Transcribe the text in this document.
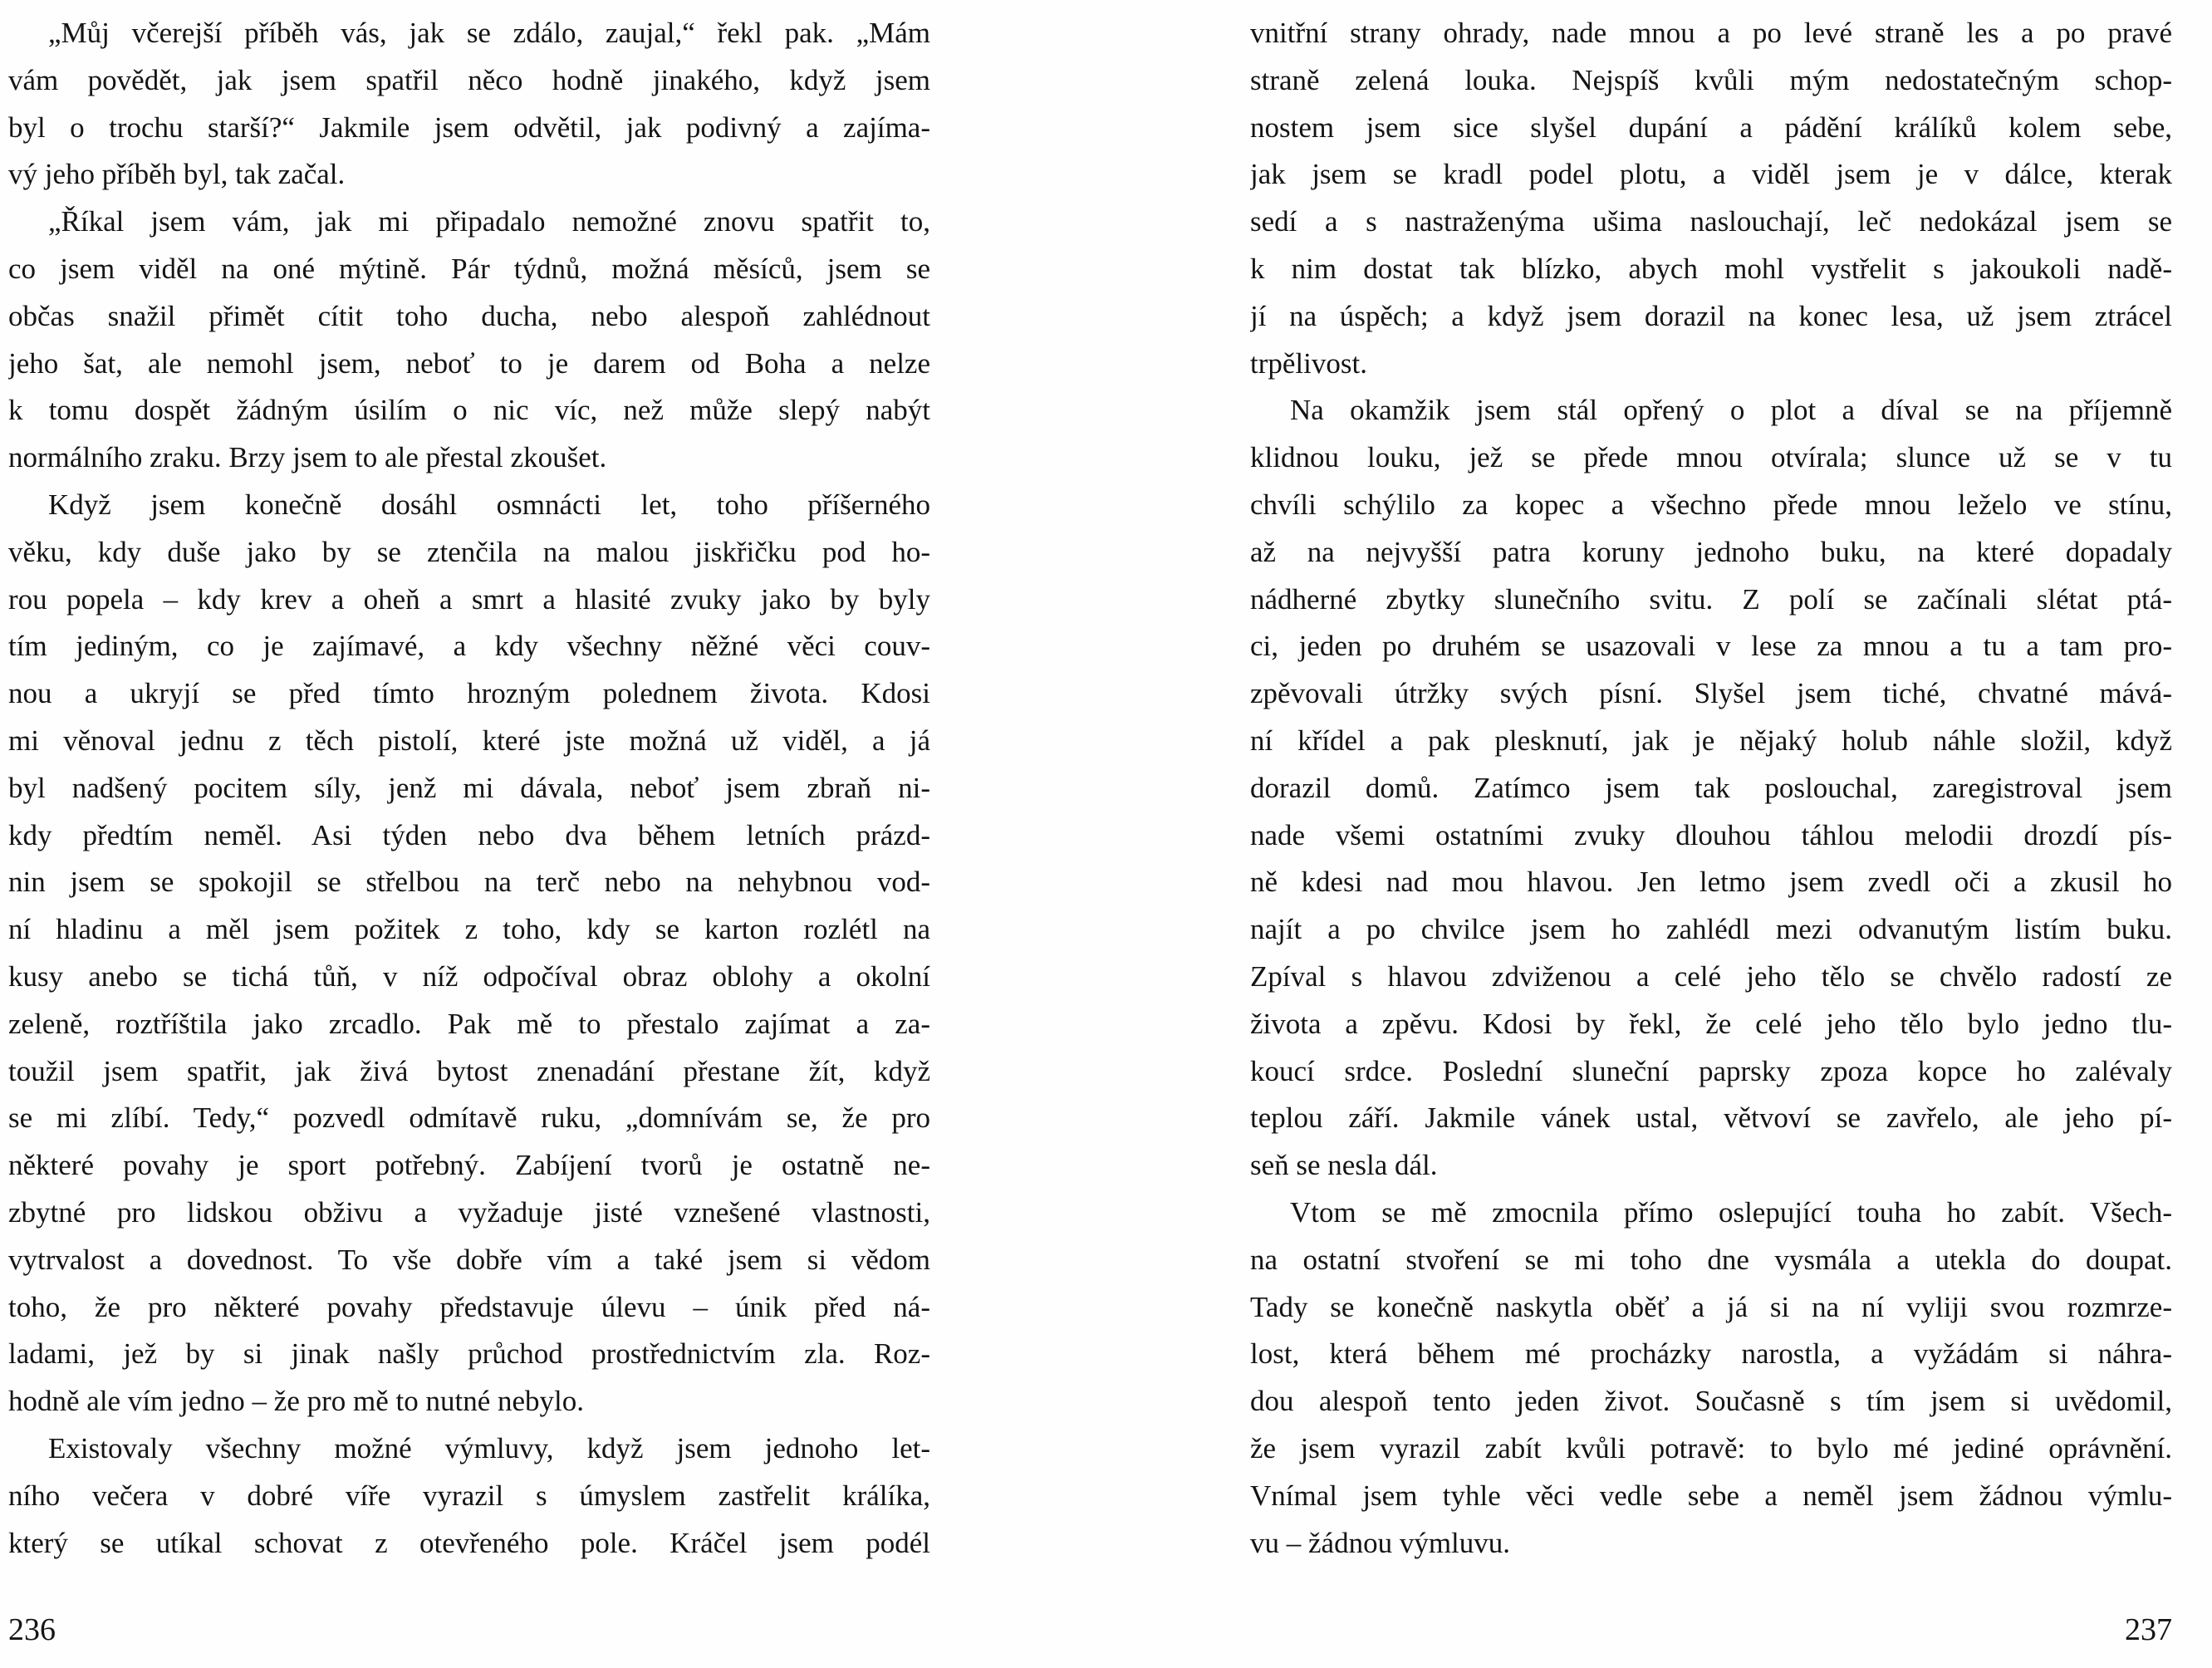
„Můj včerejší příběh vás, jak se zdálo, zaujal,“ řekl pak. „Mám
vám povědět, jak jsem spatřil něco hodně jinakého, když jsem
byl o trochu starší?“ Jakmile jsem odvětil, jak podivný a zajíma-
vý jeho příběh byl, tak začal.
„Říkal jsem vám, jak mi připadalo nemožné znovu spatřit to,
co jsem viděl na oné mýtině. Pár týdnů, možná měsíců, jsem se
občas snažil přimět cítit toho ducha, nebo alespoň zahlédnout
jeho šat, ale nemohl jsem, neboť to je darem od Boha a nelze
k tomu dospět žádným úsilím o nic víc, než může slepý nabýt
normálního zraku. Brzy jsem to ale přestal zkoušet.
Když jsem konečně dosáhl osmnácti let, toho příšerného
věku, kdy duše jako by se ztenčila na malou jiskřičku pod ho-
rou popela – kdy krev a oheň a smrt a hlasité zvuky jako by byly
tím jediným, co je zajímavé, a kdy všechny něžné věci couv-
nou a ukryjí se před tímto hrozným polednem života. Kdosi
mi věnoval jednu z těch pistolí, které jste možná už viděl, a já
byl nadšený pocitem síly, jenž mi dávala, neboť jsem zbraň ni-
kdy předtím neměl. Asi týden nebo dva během letních prázd-
nin jsem se spokojil se střelbou na terč nebo na nehybnou vod-
ní hladinu a měl jsem požitek z toho, kdy se karton rozlétl na
kusy anebo se tichá tůň, v níž odpočíval obraz oblohy a okolní
zeleně, roztříštila jako zrcadlo. Pak mě to přestalo zajímat a za-
toužil jsem spatřit, jak živá bytost znenadání přestane žít, když
se mi zlíbí. Tedy,“ pozvedl odmítavě ruku, „domnívám se, že pro
některé povahy je sport potřebný. Zabíjení tvorů je ostatně ne-
zbytné pro lidskou obživu a vyžaduje jisté vznešené vlastnosti,
vytrvalost a dovednost. To vše dobře vím a také jsem si vědom
toho, že pro některé povahy představuje úlevu – únik před ná-
ladami, jež by si jinak našly průchod prostřednictvím zla. Roz-
hodně ale vím jedno – že pro mě to nutné nebylo.
Existovaly všechny možné výmluvy, když jsem jednoho let-
ního večera v dobré víře vyrazil s úmyslem zastřelit králíka,
který se utíkal schovat z otevřeného pole. Kráčel jsem podél
236
vnitřní strany ohrady, nade mnou a po levé straně les a po pravé
straně zelená louka. Nejspíš kvůli mým nedostatečným schop-
nostem jsem sice slyšel dupání a pádění králíků kolem sebe,
jak jsem se kradl podel plotu, a viděl jsem je v dálce, kterak
sedí a s nastraženýma ušima naslouchají, leč nedokázal jsem se
k nim dostat tak blízko, abych mohl vystřelit s jakoukoli nadě-
jí na úspěch; a když jsem dorazil na konec lesa, už jsem ztrácel
trpělivost.
Na okamžik jsem stál opřený o plot a díval se na příjemně
klidnou louku, jež se přede mnou otvírala; slunce už se v tu
chvíli schýlilo za kopec a všechno přede mnou leželo ve stínu,
až na nejvyšší patra koruny jednoho buku, na které dopadaly
nádherné zbytky slunečního svitu. Z polí se začínali slétat ptá-
ci, jeden po druhém se usazovali v lese za mnou a tu a tam pro-
zpěvovali útržky svých písní. Slyšel jsem tiché, chvatné mává-
ní křídel a pak plesknutí, jak je nějaký holub náhle složil, když
dorazil domů. Zatímco jsem tak poslouchal, zaregistroval jsem
nade všemi ostatními zvuky dlouhou táhlou melodii drozdí pís-
ně kdesi nad mou hlavou. Jen letmo jsem zvedl oči a zkusil ho
najít a po chvilce jsem ho zahlédl mezi odvanutým listím buku.
Zpíval s hlavou zdviženou a celé jeho tělo se chvělo radostí ze
života a zpěvu. Kdosi by řekl, že celé jeho tělo bylo jedno tlu-
koucí srdce. Poslední sluneční paprsky zpoza kopce ho zalévaly
teplou září. Jakmile vánek ustal, větvoví se zavřelo, ale jeho pí-
seň se nesla dál.
Vtom se mě zmocnila přímo oslepující touha ho zabít. Všech-
na ostatní stvoření se mi toho dne vysmála a utekla do doupat.
Tady se konečně naskytla oběť a já si na ní vyliji svou rozmrze-
lost, která během mé procházky narostla, a vyžádám si náhra-
dou alespoň tento jeden život. Současně s tím jsem si uvědomil,
že jsem vyrazil zabít kvůli potravě: to bylo mé jediné oprávnění.
Vnímal jsem tyhle věci vedle sebe a neměl jsem žádnou výmlu-
vu – žádnou výmluvu.
237
